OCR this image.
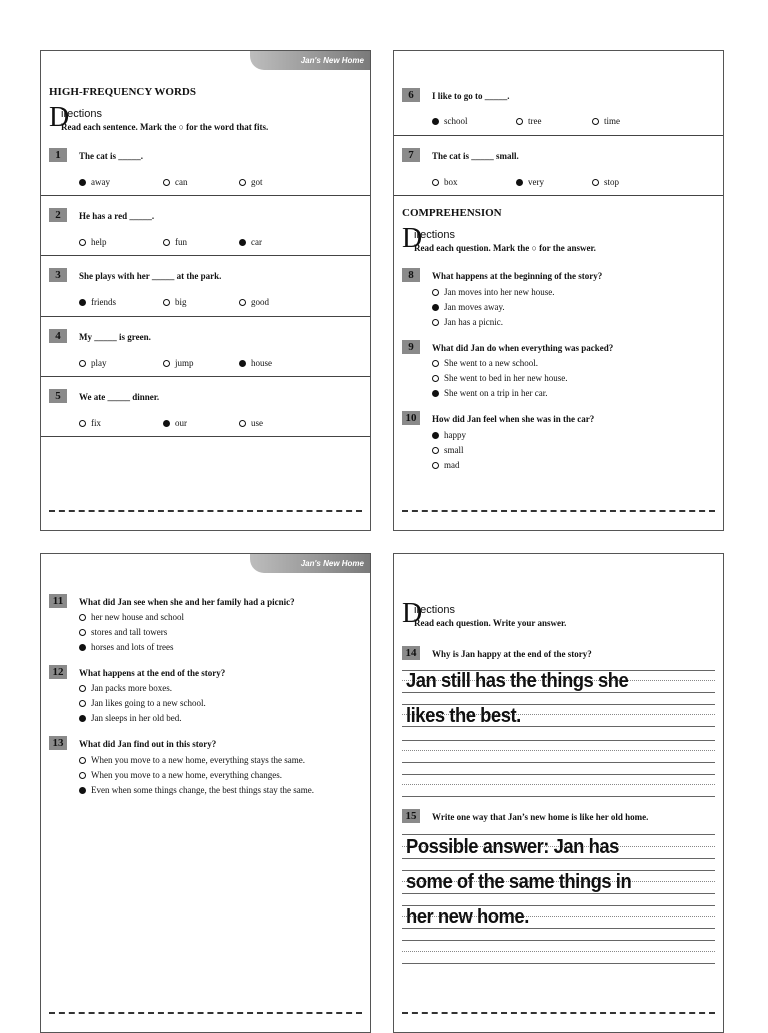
Jan's New Home
HIGH-FREQUENCY WORDS
D
irections
Read each sentence. Mark the ○ for the word that fits.
1	The cat is _____.
away	can	got
2	He has a red _____.
help	fun	car
3	She plays with her _____ at the park.
friends	big	good
4	My _____ is green.
play	jump	house
5	We ate _____ dinner.
fix	our	use
6	I like to go to _____.
school	tree	time
7	The cat is _____ small.
box	very	stop
COMPREHENSION
D
irections
Read each question. Mark the ○ for the answer.
8	What happens at the beginning of the story?
Jan moves into her new house.
Jan moves away.
Jan has a picnic.
9	What did Jan do when everything was packed?
She went to a new school.
She went to bed in her new house.
She went on a trip in her car.
10	How did Jan feel when she was in the car?
happy
small
mad
Jan's New Home
11	What did Jan see when she and her family had a picnic?
her new house and school
stores and tall towers
horses and lots of trees
12	What happens at the end of the story?
Jan packs more boxes.
Jan likes going to a new school.
Jan sleeps in her old bed.
13	What did Jan find out in this story?
When you move to a new home, everything stays the same.
When you move to a new home, everything changes.
Even when some things change, the best things stay the same.
D
irections
Read each question. Write your answer.
14	Why is Jan happy at the end of the story?
Jan still has the things she
likes the best.
15	Write one way that Jan’s new home is like her old home.
Possible answer: Jan has
some of the same things in
her new home.
